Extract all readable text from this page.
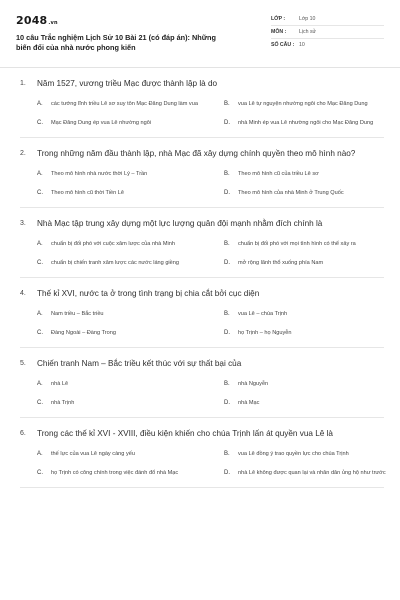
2048.vn
10 câu Trắc nghiệm Lịch Sử 10 Bài 21 (có đáp án): Những biến đổi của nhà nước phong kiến
LỚP :	Lớp 10
MÔN :	Lịch sử
SỐ CÂU : 10
1.	Năm 1527, vương triều Mạc được thành lập là do
A.	các tướng lĩnh triều Lê sơ suy tôn Mạc Đăng Dung làm vua	B.	vua Lê tự nguyện nhường ngôi cho Mạc Đăng Dung
C.	Mạc Đăng Dung ép vua Lê nhường ngôi	D.	nhà Minh ép vua Lê nhường ngôi cho Mạc Đăng Dung
2.	Trong những năm đầu thành lập, nhà Mạc đã xây dựng chính quyền theo mô hình nào?
A.	Theo mô hình nhà nước thời Lý – Trần	B.	Theo mô hình cũ của triều Lê sơ
C.	Theo mô hình cũ thời Tiền Lê	D.	Theo mô hình của nhà Minh ở Trung Quốc
3.	Nhà Mạc tập trung xây dựng một lực lượng quân đội mạnh nhằm đích chính là
A.	chuẩn bị đối phó với cuộc xâm lược của nhà Minh	B.	chuẩn bị đối phó với mọi tình hình có thể xảy ra
C.	chuẩn bị chiến tranh xâm lược các nước láng giềng	D.	mở rộng lãnh thổ xuống phía Nam
4.	Thế kỉ XVI, nước ta ở trong tình trạng bị chia cắt bởi cục diện
A.	Nam triều – Bắc triều	B.	vua Lê – chúa Trịnh
C.	Đàng Ngoài – Đàng Trong	D.	họ Trịnh – họ Nguyễn
5.	Chiến tranh Nam – Bắc triều kết thúc với sự thất bại của
A.	nhà Lê	B.	nhà Nguyễn
C.	nhà Trịnh	D.	nhà Mạc
6.	Trong các thế kỉ XVI - XVIII, điều kiện khiến cho chúa Trịnh lấn át quyền vua Lê là
A.	thế lực của vua Lê ngày càng yếu	B.	vua Lê đồng ý trao quyền lực cho chúa Trịnh
C.	họ Trịnh có công chính trong việc đánh đổ nhà Mạc	D.	nhà Lê không được quan lại và nhân dân ủng hộ như trước
